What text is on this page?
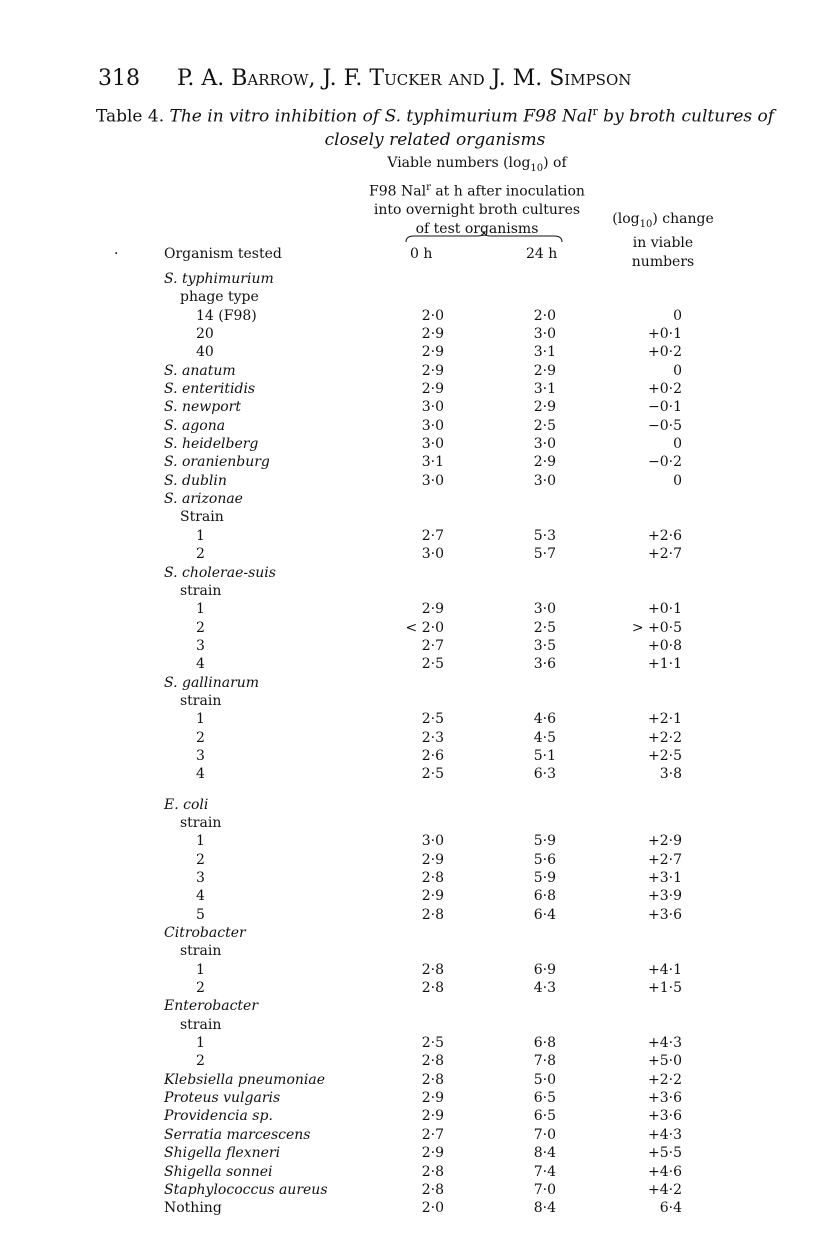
318 P. A. Barrow, J. F. Tucker and J. M. Simpson
Table 4. The in vitro inhibition of S. typhimurium F98 Nal$^r$ by broth cultures of closely related organisms
Viable numbers $(\log_{10})$ of
F98 Nal$^r$ at h after inoculation
into overnight broth cultures
of test organisms
$(\log_{10})$ change
in viable
numbers
·	Organism tested	0 h	24 h
S. typhimurium
phage type
14 (F98)	2·0	2·0	0
20	2·9	3·0	+0·1
40	2·9	3·1	+0·2
S. anatum	2·9	2·9	0
S. enteritidis	2·9	3·1	+0·2
S. newport	3·0	2·9	−0·1
S. agona	3·0	2·5	−0·5
S. heidelberg	3·0	3·0	0
S. oranienburg	3·1	2·9	−0·2
S. dublin	3·0	3·0	0
S. arizonae
Strain
1	2·7	5·3	+2·6
2	3·0	5·7	+2·7
S. cholerae-suis
strain
1	2·9	3·0	+0·1
2	< 2·0	2·5	> +0·5
3	2·7	3·5	+0·8
4	2·5	3·6	+1·1
S. gallinarum
strain
1	2·5	4·6	+2·1
2	2·3	4·5	+2·2
3	2·6	5·1	+2·5
4	2·5	6·3	3·8
E. coli
strain
1	3·0	5·9	+2·9
2	2·9	5·6	+2·7
3	2·8	5·9	+3·1
4	2·9	6·8	+3·9
5	2·8	6·4	+3·6
Citrobacter
strain
1	2·8	6·9	+4·1
2	2·8	4·3	+1·5
Enterobacter
strain
1	2·5	6·8	+4·3
2	2·8	7·8	+5·0
Klebsiella pneumoniae	2·8	5·0	+2·2
Proteus vulgaris	2·9	6·5	+3·6
Providencia sp.	2·9	6·5	+3·6
Serratia marcescens	2·7	7·0	+4·3
Shigella flexneri	2·9	8·4	+5·5
Shigella sonnei	2·8	7·4	+4·6
Staphylococcus aureus	2·8	7·0	+4·2
Nothing	2·0	8·4	6·4
